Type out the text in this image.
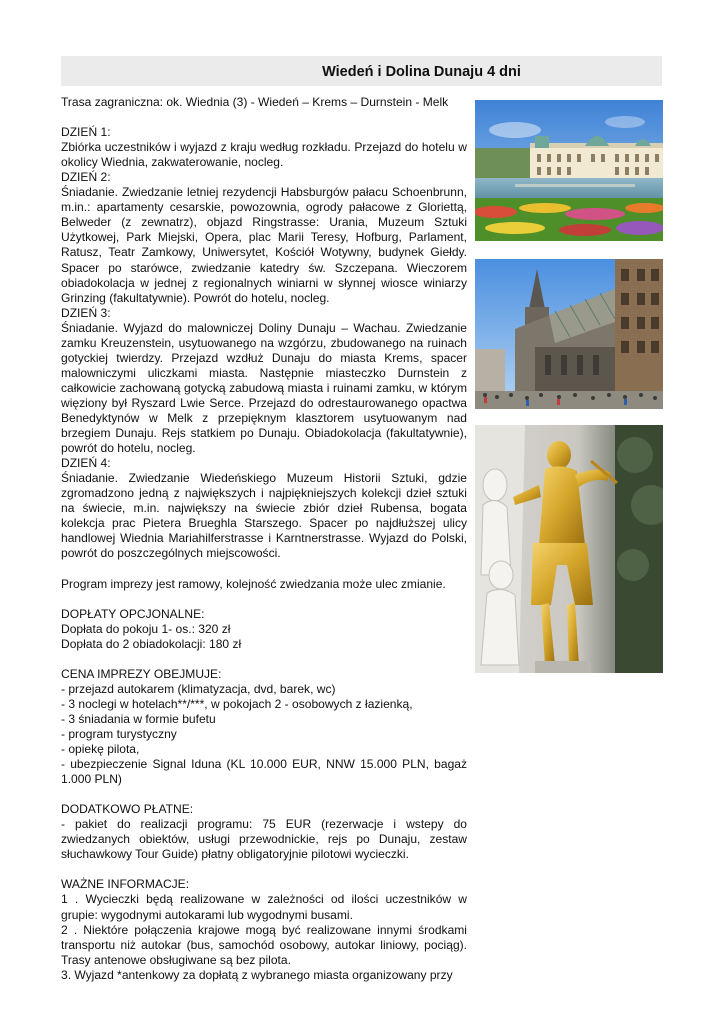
Wiedeń i Dolina Dunaju 4 dni

Trasa zagraniczna: ok. Wiednia (3) - Wiedeń – Krems – Durnstein - Melk

DZIEŃ 1:

Zbiórka uczestników i wyjazd z kraju według rozkładu. Przejazd do hotelu w okolicy Wiednia, zakwaterowanie, nocleg.

DZIEŃ 2:

Śniadanie. Zwiedzanie letniej rezydencji Habsburgów pałacu Schoenbrunn, m.in.: apartamenty cesarskie, powozownia, ogrody pałacowe z Gloriettą, Belweder (z zewnatrz), objazd Ringstrasse: Urania, Muzeum Sztuki Użytkowej, Park Miejski, Opera, plac Marii Teresy, Hofburg, Parlament, Ratusz, Teatr Zamkowy, Uniwersytet, Kościół Wotywny, budynek Giełdy. Spacer po starówce, zwiedzanie katedry św. Szczepana. Wieczorem obiadokolacja w jednej z regionalnych winiarni w słynnej wiosce winiarzy Grinzing (fakultatywnie). Powrót do hotelu, nocleg.

DZIEŃ 3:

Śniadanie. Wyjazd do malowniczej Doliny Dunaju – Wachau. Zwiedzanie zamku Kreuzenstein, usytuowanego na wzgórzu, zbudowanego na ruinach gotyckiej twierdzy. Przejazd wzdłuż Dunaju do miasta Krems, spacer malowniczymi uliczkami miasta. Następnie miasteczko Durnstein z całkowicie zachowaną gotycką zabudową miasta i ruinami zamku, w którym więziony był Ryszard Lwie Serce. Przejazd do odrestaurowanego opactwa Benedyktynów w Melk z przepięknym klasztorem usytuowanym nad brzegiem Dunaju. Rejs statkiem po Dunaju. Obiadokolacja (fakultatywnie), powrót do hotelu, nocleg.

DZIEŃ 4:

Śniadanie. Zwiedzanie Wiedeńskiego Muzeum Historii Sztuki, gdzie zgromadzono jedną z największych i najpiękniejszych kolekcji dzieł sztuki na świecie, m.in. największy na świecie zbiór dzieł Rubensa, bogata kolekcja prac Pietera Brueghla Starszego. Spacer po najdłuższej ulicy handlowej Wiednia Mariahilferstrasse i Karntnerstrasse. Wyjazd do Polski, powrót do poszczególnych miejscowości.

Program imprezy jest ramowy, kolejność zwiedzania może ulec zmianie.

DOPŁATY OPCJONALNE:

Dopłata do pokoju 1- os.: 320 zł

Dopłata do 2 obiadokolacji: 180 zł

CENA IMPREZY OBEJMUJE:

- przejazd autokarem (klimatyzacja, dvd, barek, wc)

- 3 noclegi w hotelach**/***, w pokojach 2 - osobowych z łazienką,

- 3 śniadania w formie bufetu

- program turystyczny

- opiekę pilota,

- ubezpieczenie Signal Iduna (KL 10.000 EUR, NNW 15.000 PLN, bagaż 1.000 PLN)

DODATKOWO PŁATNE:

- pakiet do realizacji programu: 75 EUR (rezerwacje i wstepy do zwiedzanych obiektów, usługi przewodnickie, rejs po Dunaju, zestaw słuchawkowy Tour Guide) płatny obligatoryjnie pilotowi wycieczki.

WAŻNE INFORMACJE:

1 . Wycieczki będą realizowane w zależności od ilości uczestników w grupie: wygodnymi autokarami lub wygodnymi busami.

2 . Niektóre połączenia krajowe mogą być realizowane innymi środkami transportu niż autokar (bus, samochód osobowy, autokar liniowy, pociąg). Trasy antenowe obsługiwane są bez pilota.

3. Wyjazd *antenkowy za dopłatą z wybranego miasta organizowany przy
